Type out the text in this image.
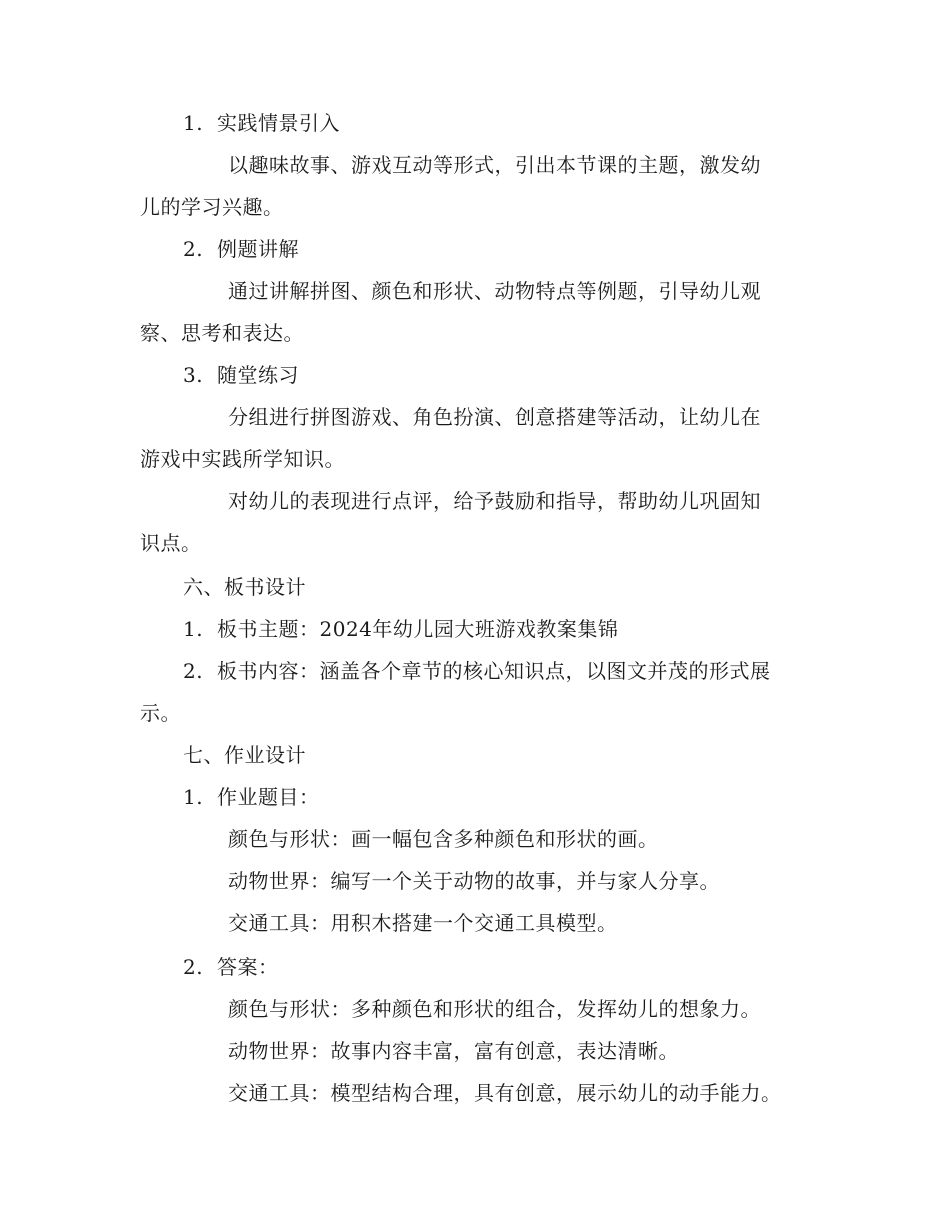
1. 实践情景引入
以趣味故事、游戏互动等形式，引出本节课的主题，激发幼
儿的学习兴趣。
2. 例题讲解
通过讲解拼图、颜色和形状、动物特点等例题，引导幼儿观
察、思考和表达。
3. 随堂练习
分组进行拼图游戏、角色扮演、创意搭建等活动，让幼儿在
游戏中实践所学知识。
对幼儿的表现进行点评，给予鼓励和指导，帮助幼儿巩固知
识点。
六、板书设计
1. 板书主题：2024年幼儿园大班游戏教案集锦
2. 板书内容：涵盖各个章节的核心知识点，以图文并茂的形式展
示。
七、作业设计
1. 作业题目：
颜色与形状：画一幅包含多种颜色和形状的画。
动物世界：编写一个关于动物的故事，并与家人分享。
交通工具：用积木搭建一个交通工具模型。
2. 答案：
颜色与形状：多种颜色和形状的组合，发挥幼儿的想象力。
动物世界：故事内容丰富，富有创意，表达清晰。
交通工具：模型结构合理，具有创意，展示幼儿的动手能力。
